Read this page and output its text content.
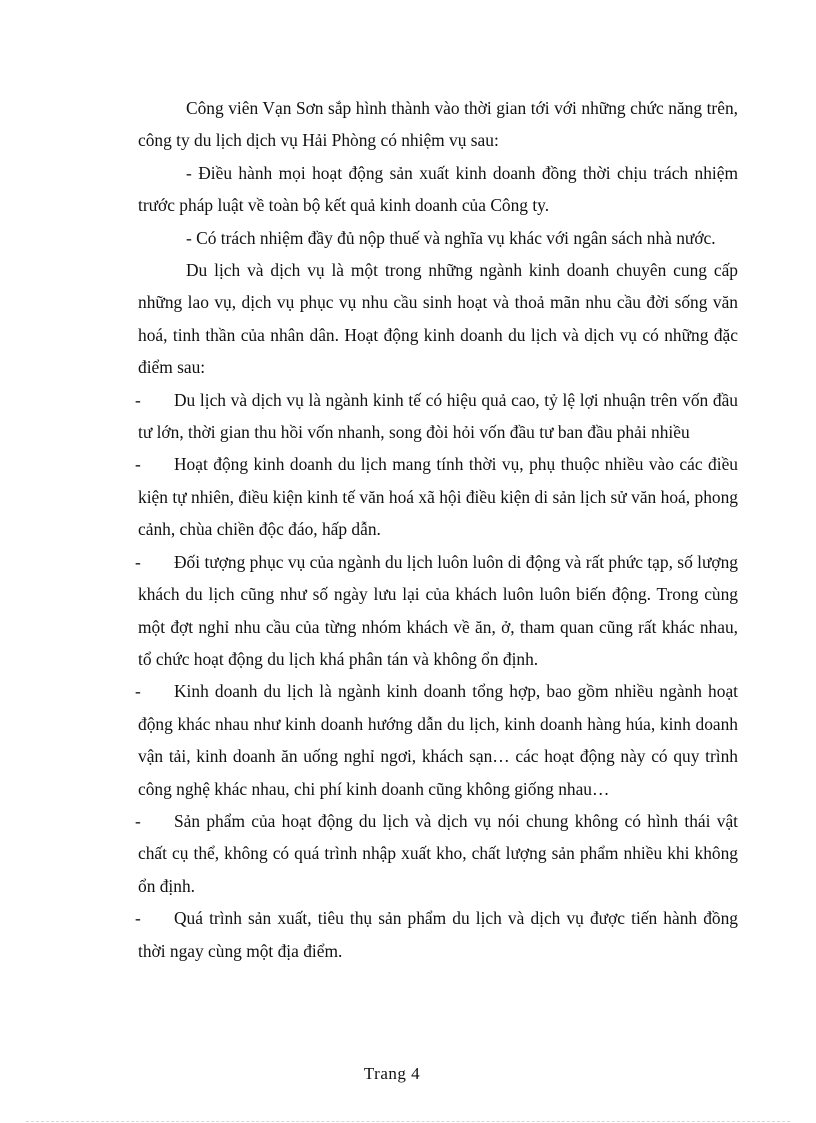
Công viên Vạn Sơn sắp hình thành vào thời gian tới với những chức năng trên, công ty du lịch dịch vụ Hải Phòng có nhiệm vụ sau:

- Điều hành mọi hoạt động sản xuất kinh doanh đồng thời chịu trách nhiệm trước pháp luật về toàn bộ kết quả kinh doanh của Công ty.

- Có trách nhiệm đầy đủ nộp thuế và nghĩa vụ khác với ngân sách nhà nước.

Du lịch và dịch vụ là một trong những ngành kinh doanh chuyên cung cấp những lao vụ, dịch vụ phục vụ nhu cầu sinh hoạt và thoả mãn nhu cầu đời sống văn hoá, tinh thần của nhân dân. Hoạt động kinh doanh du lịch và dịch vụ có những đặc điểm sau:

-	Du lịch và dịch vụ là ngành kinh tế có hiệu quả cao, tỷ lệ lợi nhuận trên vốn đầu tư lớn, thời gian thu hồi vốn nhanh, song đòi hỏi vốn đầu tư ban đầu phải nhiều
-	Hoạt động kinh doanh du lịch mang tính thời vụ, phụ thuộc nhiều vào các điều kiện tự nhiên, điều kiện kinh tế văn hoá xã hội điều kiện di sản lịch sử văn hoá, phong cảnh, chùa chiền độc đáo, hấp dẫn.
-	Đối tượng phục vụ của ngành du lịch luôn luôn di động và rất phức tạp, số lượng khách du lịch cũng như số ngày lưu lại của khách luôn luôn biến động. Trong cùng một đợt nghỉ nhu cầu của từng nhóm khách về ăn, ở, tham quan cũng rất khác nhau, tổ chức hoạt động du lịch khá phân tán và không ổn định.
-	Kinh doanh du lịch là ngành kinh doanh tổng hợp, bao gồm nhiều ngành hoạt động khác nhau như kinh doanh hướng dẫn du lịch, kinh doanh hàng húa, kinh doanh vận tải, kinh doanh ăn uống nghỉ ngơi, khách sạn… các hoạt động này có quy trình công nghệ khác nhau, chi phí kinh doanh cũng không giống nhau…
-	Sản phẩm của hoạt động du lịch và dịch vụ nói chung không có hình thái vật chất cụ thể, không có quá trình nhập xuất kho, chất lượng sản phẩm nhiều khi không ổn định.
-	Quá trình sản xuất, tiêu thụ sản phẩm du lịch và dịch vụ được tiến hành đồng thời ngay cùng một địa điểm.
Trang 4
